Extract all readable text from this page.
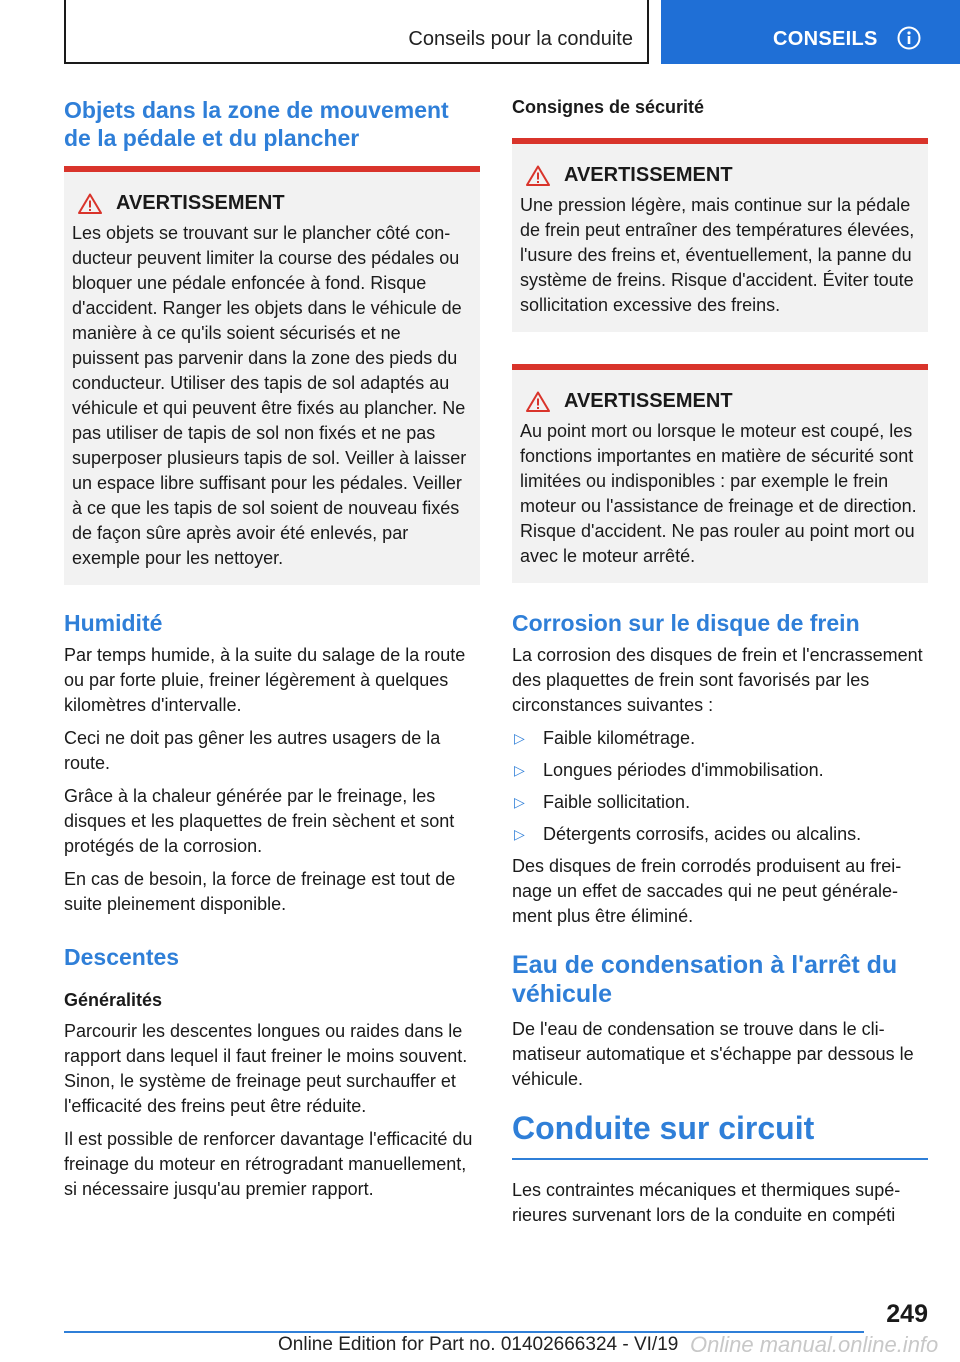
Conseils pour la conduite	CONSEILS
Objets dans la zone de mouvement de la pédale et du plancher
AVERTISSEMENT

Les objets se trouvant sur le plancher côté conducteur peuvent limiter la course des pédales ou bloquer une pédale enfoncée à fond. Risque d'accident. Ranger les objets dans le véhicule de manière à ce qu'ils soient sécurisés et ne puissent pas parvenir dans la zone des pieds du conducteur. Utiliser des tapis de sol adaptés au véhicule et qui peuvent être fixés au plancher. Ne pas utiliser de tapis de sol non fixés et ne pas superposer plusieurs tapis de sol. Veiller à laisser un espace libre suffisant pour les pédales. Veiller à ce que les tapis de sol soient de nouveau fixés de façon sûre après avoir été enlevés, par exemple pour les nettoyer.

Humidité

Par temps humide, à la suite du salage de la route ou par forte pluie, freiner légèrement à quelques kilomètres d'intervalle.

Ceci ne doit pas gêner les autres usagers de la route.

Grâce à la chaleur générée par le freinage, les disques et les plaquettes de frein sèchent et sont protégés de la corrosion.

En cas de besoin, la force de freinage est tout de suite pleinement disponible.

Descentes
Généralités

Parcourir les descentes longues ou raides dans le rapport dans lequel il faut freiner le moins souvent. Sinon, le système de freinage peut surchauffer et l'efficacité des freins peut être réduite.

Il est possible de renforcer davantage l'efficacité du freinage du moteur en rétrogradant manuellement, si nécessaire jusqu'au premier rapport.

Consignes de sécurité
AVERTISSEMENT

Une pression légère, mais continue sur la pédale de frein peut entraîner des températures élevées, l'usure des freins et, éventuellement, la panne du système de freins. Risque d'accident. Éviter toute sollicitation excessive des freins.

AVERTISSEMENT

Au point mort ou lorsque le moteur est coupé, les fonctions importantes en matière de sécurité sont limitées ou indisponibles : par exemple le frein moteur ou l'assistance de freinage et de direction. Risque d'accident. Ne pas rouler au point mort ou avec le moteur arrêté.

Corrosion sur le disque de frein

La corrosion des disques de frein et l'encrassement des plaquettes de frein sont favorisés par les circonstances suivantes :

▷	Faible kilométrage.
▷	Longues périodes d'immobilisation.
▷	Faible sollicitation.
▷	Détergents corrosifs, acides ou alcalins.

Des disques de frein corrodés produisent au freinage un effet de saccades qui ne peut généralement plus être éliminé.

Eau de condensation à l'arrêt du véhicule

De l'eau de condensation se trouve dans le climatiseur automatique et s'échappe par dessous le véhicule.

Conduite sur circuit

Les contraintes mécaniques et thermiques supérieures survenant lors de la conduite en compéti

249
Online Edition for Part no. 01402666324 - VI/19 Online manual.online.info
